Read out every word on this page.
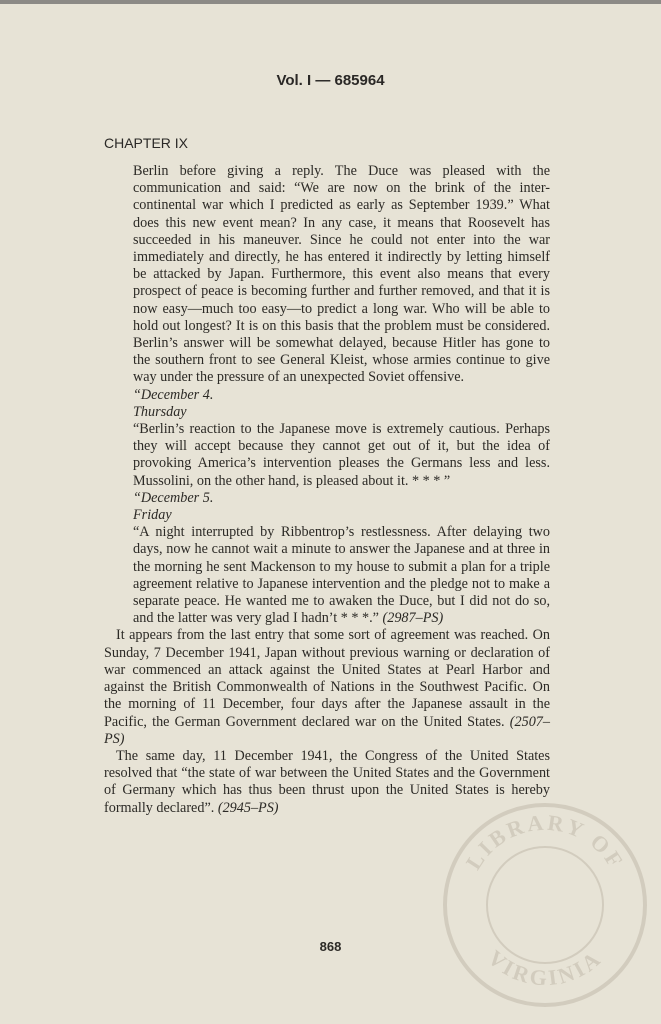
Vol. I — 685964
CHAPTER IX

Berlin before giving a reply. The Duce was pleased with the communication and said: “We are now on the brink of the inter-continental war which I predicted as early as September 1939.” What does this new event mean? In any case, it means that Roosevelt has succeeded in his maneuver. Since he could not enter into the war immediately and directly, he has entered it indirectly by letting himself be attacked by Japan. Furthermore, this event also means that every prospect of peace is becoming further and further removed, and that it is now easy—much too easy—to predict a long war. Who will be able to hold out longest? It is on this basis that the problem must be considered. Berlin’s answer will be somewhat delayed, because Hitler has gone to the southern front to see General Kleist, whose armies continue to give way under the pressure of an unexpected Soviet offensive.

“December 4.
Thursday

“Berlin’s reaction to the Japanese move is extremely cautious. Perhaps they will accept because they cannot get out of it, but the idea of provoking America’s intervention pleases the Germans less and less. Mussolini, on the other hand, is pleased about it. * * * ”

“December 5.
Friday

“A night interrupted by Ribbentrop’s restlessness. After delaying two days, now he cannot wait a minute to answer the Japanese and at three in the morning he sent Mackenson to my house to submit a plan for a triple agreement relative to Japanese intervention and the pledge not to make a separate peace. He wanted me to awaken the Duce, but I did not do so, and the latter was very glad I hadn’t * * *.” (2987–PS)

It appears from the last entry that some sort of agreement was reached. On Sunday, 7 December 1941, Japan without previous warning or declaration of war commenced an attack against the United States at Pearl Harbor and against the British Commonwealth of Nations in the Southwest Pacific. On the morning of 11 December, four days after the Japanese assault in the Pacific, the German Government declared war on the United States. (2507–PS)

The same day, 11 December 1941, the Congress of the United States resolved that “the state of war between the United States and the Government of Germany which has thus been thrust upon the United States is hereby formally declared”. (2945–PS)

868
LIBRARY OF
VIRGINIA
